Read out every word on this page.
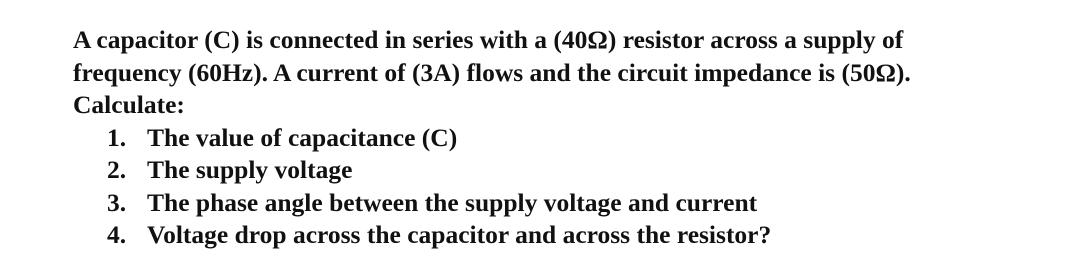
A capacitor (C) is connected in series with a (40Ω) resistor across a supply of
frequency (60Hz). A current of (3A) flows and the circuit impedance is (50Ω).
Calculate:
1. The value of capacitance (C)
2. The supply voltage
3. The phase angle between the supply voltage and current
4. Voltage drop across the capacitor and across the resistor?
